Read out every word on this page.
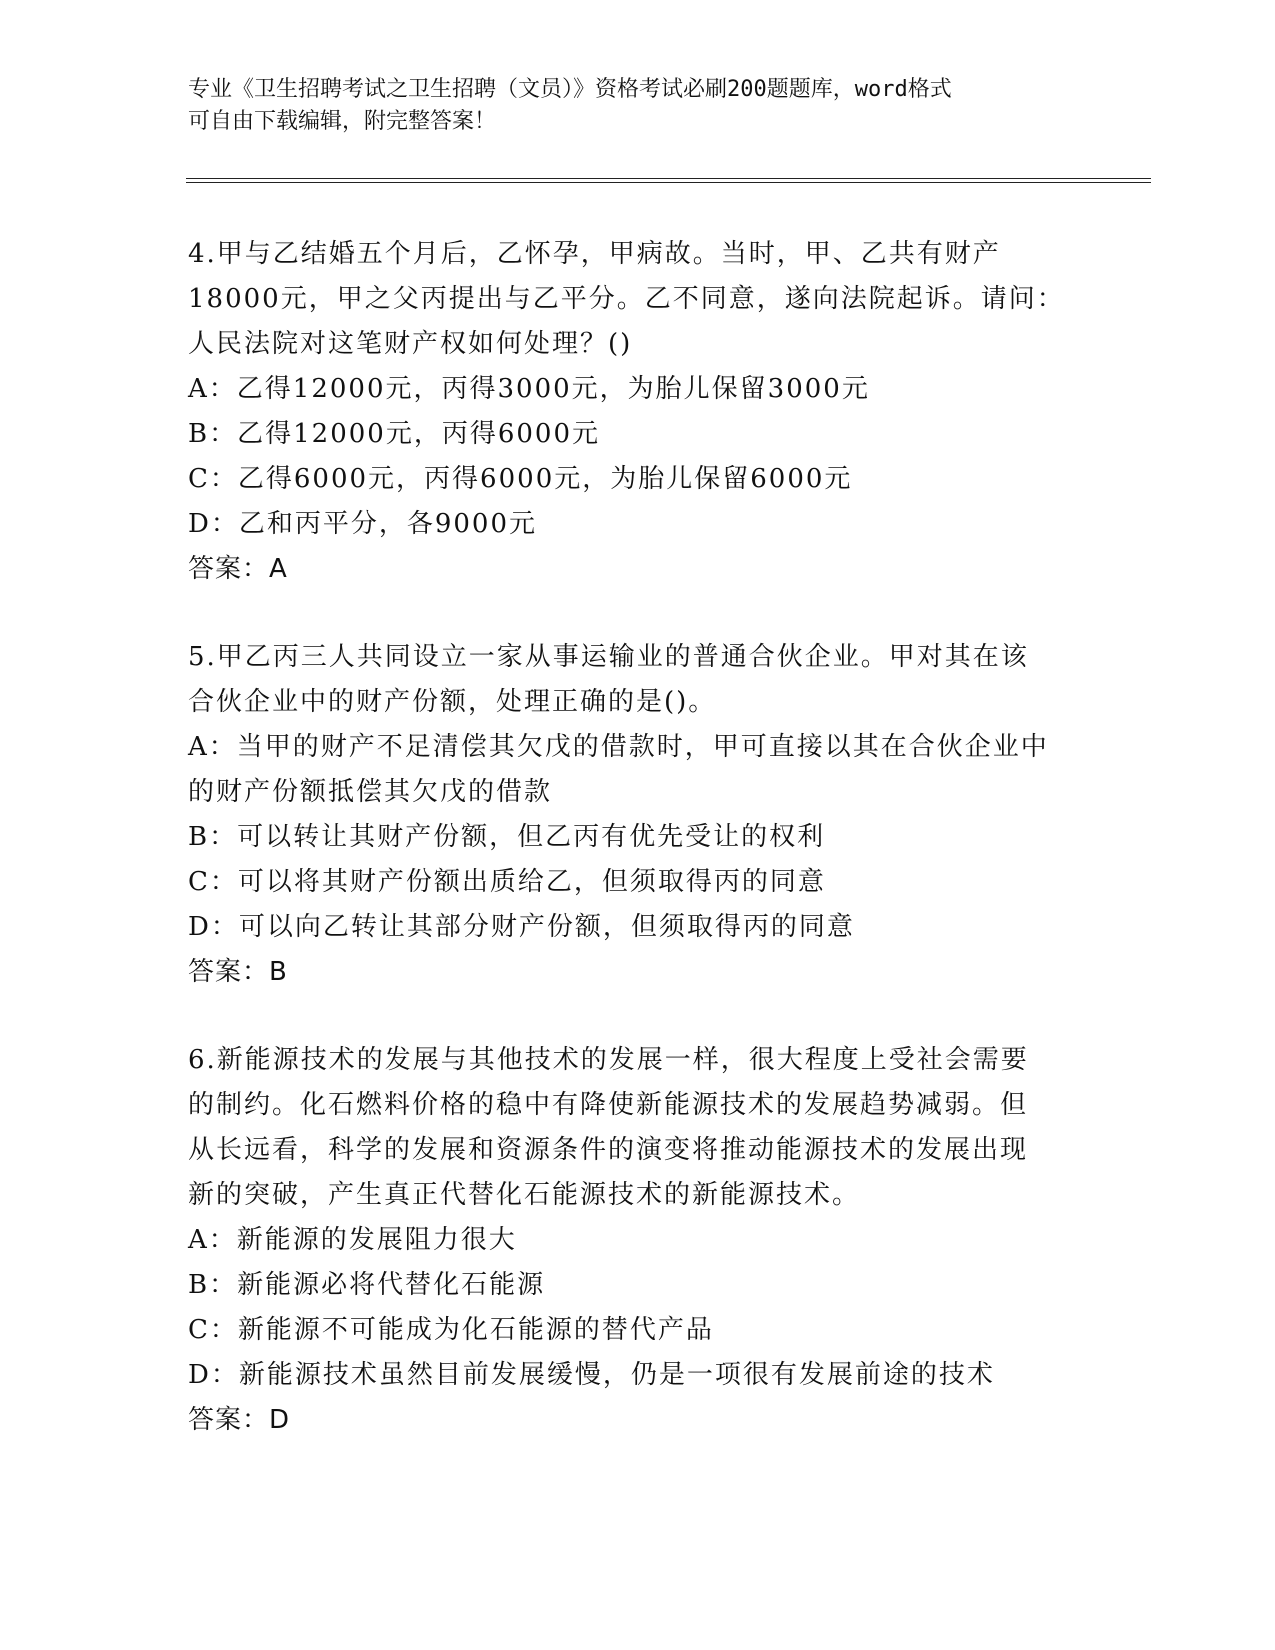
专业《卫生招聘考试之卫生招聘（文员）》资格考试必刷200题题库，word格式
可自由下载编辑，附完整答案！
4.甲与乙结婚五个月后，乙怀孕，甲病故。当时，甲、乙共有财产
18000元，甲之父丙提出与乙平分。乙不同意，遂向法院起诉。请问：
人民法院对这笔财产权如何处理？()
A：乙得12000元，丙得3000元，为胎儿保留3000元
B：乙得12000元，丙得6000元
C：乙得6000元，丙得6000元，为胎儿保留6000元
D：乙和丙平分，各9000元
答案：A
5.甲乙丙三人共同设立一家从事运输业的普通合伙企业。甲对其在该
合伙企业中的财产份额，处理正确的是()。
A：当甲的财产不足清偿其欠戊的借款时，甲可直接以其在合伙企业中
的财产份额抵偿其欠戊的借款
B：可以转让其财产份额，但乙丙有优先受让的权利
C：可以将其财产份额出质给乙，但须取得丙的同意
D：可以向乙转让其部分财产份额，但须取得丙的同意
答案：B
6.新能源技术的发展与其他技术的发展一样，很大程度上受社会需要
的制约。化石燃料价格的稳中有降使新能源技术的发展趋势减弱。但
从长远看，科学的发展和资源条件的演变将推动能源技术的发展出现
新的突破，产生真正代替化石能源技术的新能源技术。
A：新能源的发展阻力很大
B：新能源必将代替化石能源
C：新能源不可能成为化石能源的替代产品
D：新能源技术虽然目前发展缓慢，仍是一项很有发展前途的技术
答案：D
